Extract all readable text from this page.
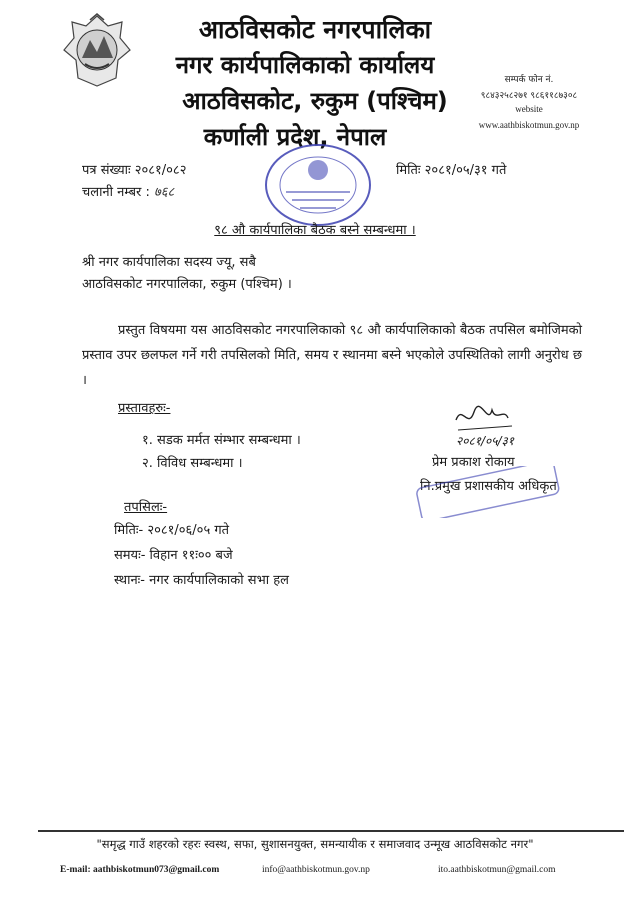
आठविसकोट नगरपालिका
नगर कार्यपालिकाको कार्यालय
आठविसकोट, रुकुम (पश्चिम)
कर्णाली प्रदेश, नेपाल
सम्पर्क फोन नं.
९८४३२५८२७१ ९८६११८७३०८
website
www.aathbiskotmun.gov.np
पत्र संख्याः २०८१/०८२
चलानी नम्बर : ७६८
मितिः २०८१/०५/३१ गते
९८ औ कार्यपालिका बैठक बस्ने सम्बन्धमा ।
श्री नगर कार्यपालिका सदस्य ज्यू, सबै
आठविसकोट नगरपालिका, रुकुम (पश्चिम) ।
प्रस्तुत विषयमा यस आठविसकोट नगरपालिकाको ९८ औ कार्यपालिकाको बैठक तपसिल बमोजिमको प्रस्ताव उपर छलफल गर्ने गरी तपसिलको मिति, समय र स्थानमा बस्ने भएकोले उपस्थितिको लागी अनुरोध छ ।
प्रस्तावहरुः-
१. सडक मर्मत संम्भार सम्बन्धमा ।
२. विविध सम्बन्धमा ।
२०८१/०५/३१
प्रेम प्रकाश रोकाय
नि.प्रमुख प्रशासकीय अधिकृत
तपसिलः-
मितिः- २०८१/०६/०५ गते
समयः- विहान ११ः०० बजे
स्थानः- नगर कार्यपालिकाको सभा हल
"समृद्ध गाउँ शहरको रहरः स्वस्थ, सफा, सुशासनयुक्त, समन्यायीक र समाजवाद उन्मूख आठविसकोट नगर"
E-mail: aathbiskotmun073@gmail.com	info@aathbiskotmun.gov.np	ito.aathbiskotmun@gmail.com
